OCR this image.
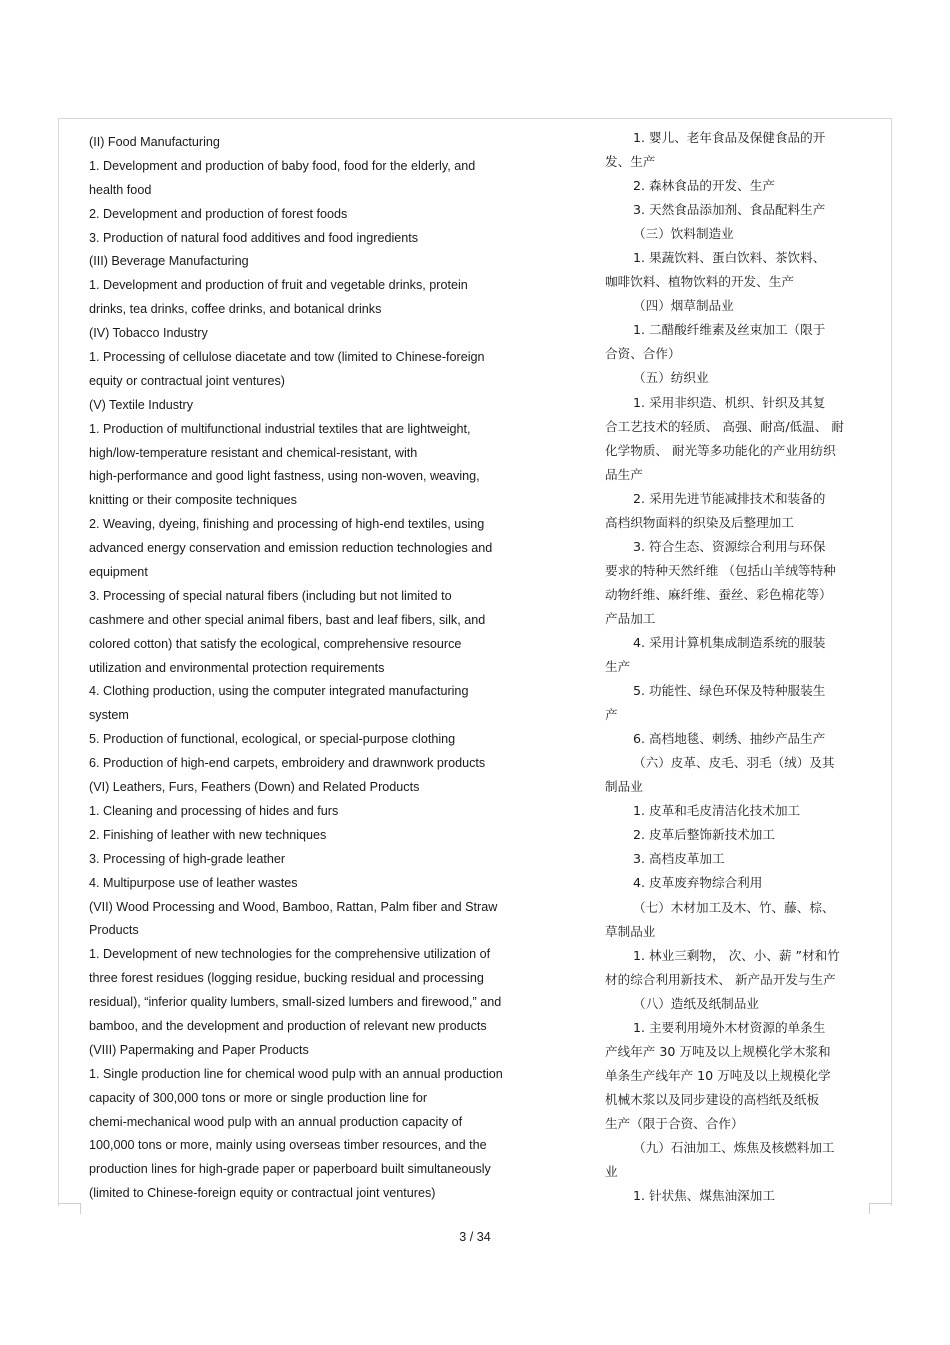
(II) Food Manufacturing
1. Development and production of baby food, food for the elderly, and
health food
2. Development and production of forest foods
3. Production of natural food additives and food ingredients
(III) Beverage Manufacturing
1. Development and production of fruit and vegetable drinks, protein
drinks, tea drinks, coffee drinks, and botanical drinks
(IV) Tobacco Industry
1. Processing of cellulose diacetate and tow (limited to Chinese-foreign
equity or contractual joint ventures)
(V) Textile Industry
1. Production of multifunctional industrial textiles that are lightweight,
high/low-temperature resistant and chemical-resistant, with
high-performance and good light fastness, using non-woven, weaving,
knitting or their composite techniques
2. Weaving, dyeing, finishing and processing of high-end textiles, using
advanced energy conservation and emission reduction technologies and
equipment
3. Processing of special natural fibers (including but not limited to
cashmere and other special animal fibers, bast and leaf fibers, silk, and
colored cotton) that satisfy the ecological, comprehensive resource
utilization and environmental protection requirements
4. Clothing production, using the computer integrated manufacturing
system
5. Production of functional, ecological, or special-purpose clothing
6. Production of high-end carpets, embroidery and drawnwork products
(VI) Leathers, Furs, Feathers (Down) and Related Products
1. Cleaning and processing of hides and furs
2. Finishing of leather with new techniques
3. Processing of high-grade leather
4. Multipurpose use of leather wastes
(VII) Wood Processing and Wood, Bamboo, Rattan, Palm fiber and Straw
Products
1. Development of new technologies for the comprehensive utilization of
three forest residues (logging residue, bucking residual and processing
residual), “inferior quality lumbers, small-sized lumbers and firewood,” and
bamboo, and the development and production of relevant new products
(VIII) Papermaking and Paper Products
1. Single production line for chemical wood pulp with an annual production
capacity of 300,000 tons or more or single production line for
chemi-mechanical wood pulp with an annual production capacity of
100,000 tons or more, mainly using overseas timber resources, and the
production lines for high-grade paper or paperboard built simultaneously
(limited to Chinese-foreign equity or contractual joint ventures)
1. 婴儿、老年食品及保健食品的开
发、生产
2. 森林食品的开发、生产
3. 天然食品添加剂、食品配料生产
（三）饮料制造业
1. 果蔬饮料、蛋白饮料、茶饮料、
咖啡饮料、植物饮料的开发、生产
（四）烟草制品业
1. 二醋酸纤维素及丝束加工（限于
合资、合作）
（五）纺织业
1. 采用非织造、机织、针织及其复
合工艺技术的轻质、 高强、耐高/低温、 耐
化学物质、 耐光等多功能化的产业用纺织
品生产
2. 采用先进节能减排技术和装备的
高档织物面料的织染及后整理加工
3. 符合生态、资源综合利用与环保
要求的特种天然纤维 （包括山羊绒等特种
动物纤维、麻纤维、蚕丝、彩色棉花等）
产品加工
4. 采用计算机集成制造系统的服装
生产
5. 功能性、绿色环保及特种服装生
产
6. 高档地毯、刺绣、抽纱产品生产
（六）皮革、皮毛、羽毛（绒）及其
制品业
1. 皮革和毛皮清洁化技术加工
2. 皮革后整饰新技术加工
3. 高档皮革加工
4. 皮革废弃物综合利用
（七）木材加工及木、竹、藤、棕、
草制品业
1. 林业三剩物， 次、小、薪 ”材和竹
材的综合利用新技术、 新产品开发与生产
（八）造纸及纸制品业
1. 主要利用境外木材资源的单条生
产线年产 30 万吨及以上规模化学木浆和
单条生产线年产 10 万吨及以上规模化学
机械木浆以及同步建设的高档纸及纸板
生产（限于合资、合作）
（九）石油加工、炼焦及核燃料加工
业
1. 针状焦、煤焦油深加工
3 / 34
